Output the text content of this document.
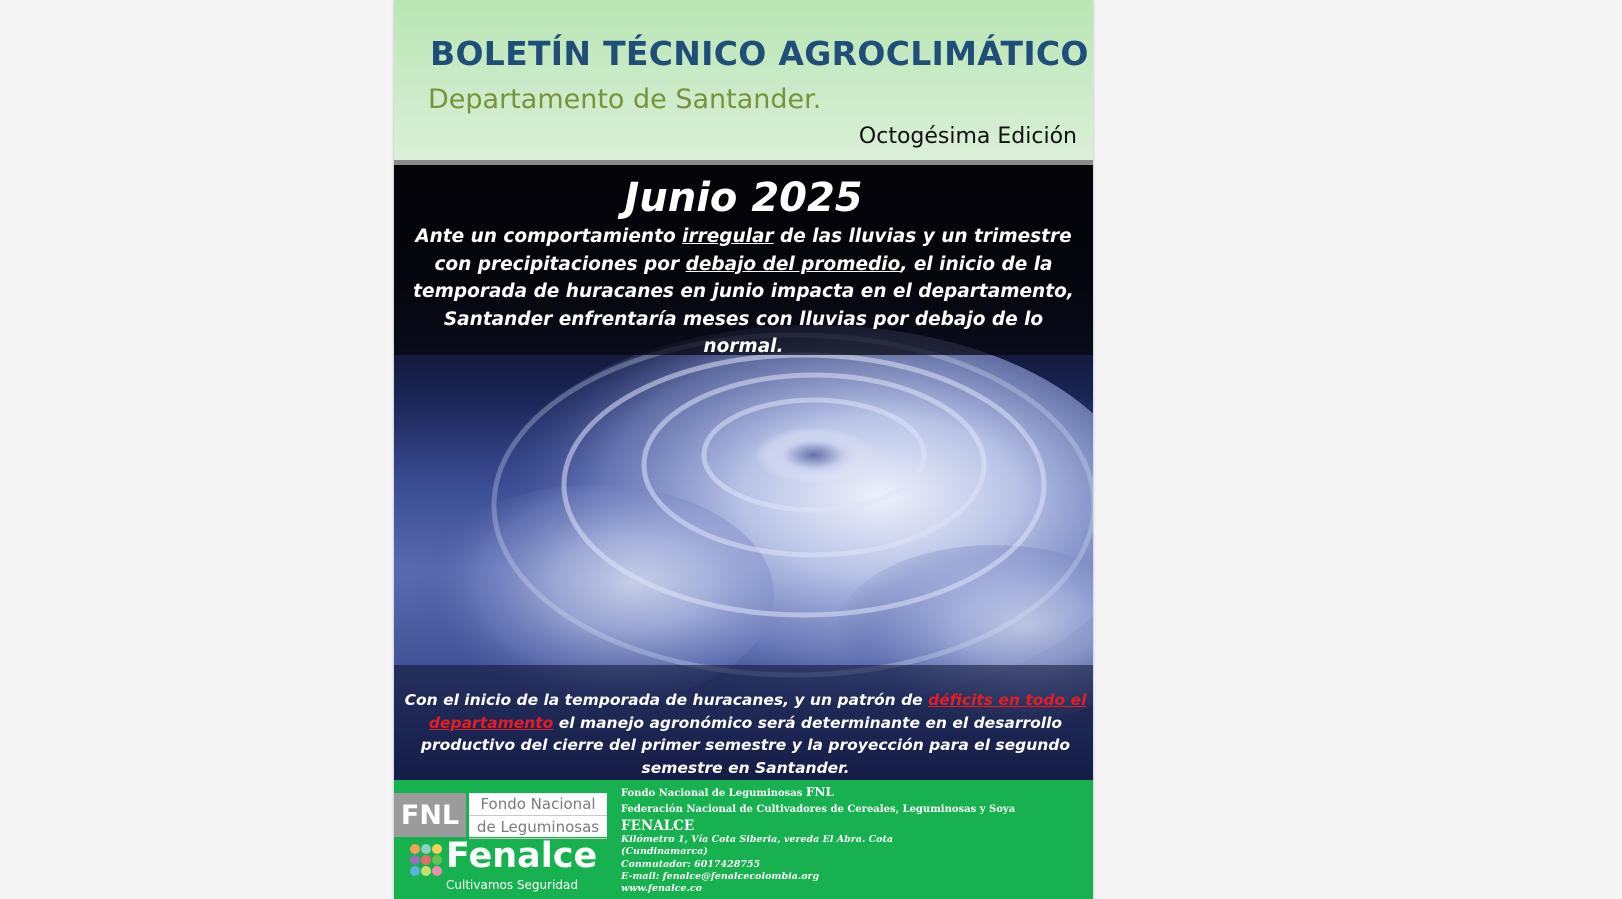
BOLETÍN TÉCNICO AGROCLIMÁTICO
Departamento de Santander.
Octogésima Edición
Junio 2025
Ante un comportamiento irregular de las lluvias y un trimestre con precipitaciones por debajo del promedio, el inicio de la temporada de huracanes en junio impacta en el departamento, Santander enfrentaría meses con lluvias por debajo de lo normal.
Con el inicio de la temporada de huracanes, y un patrón de déficits en todo el departamento el manejo agronómico será determinante en el desarrollo productivo del cierre del primer semestre y la proyección para el segundo semestre en Santander.
FNL	Fondo Nacional
de Leguminosas
Fenalce
Cultivamos Seguridad
Fondo Nacional de Leguminosas FNL
Federación Nacional de Cultivadores de Cereales, Leguminosas y Soya
FENALCE
Kilómetro 1, Vía Cota Siberia, vereda El Abra. Cota
(Cundinamarca)
Conmutador: 6017428755
E-mail: fenalce@fenalcecolombia.org
www.fenalce.co
